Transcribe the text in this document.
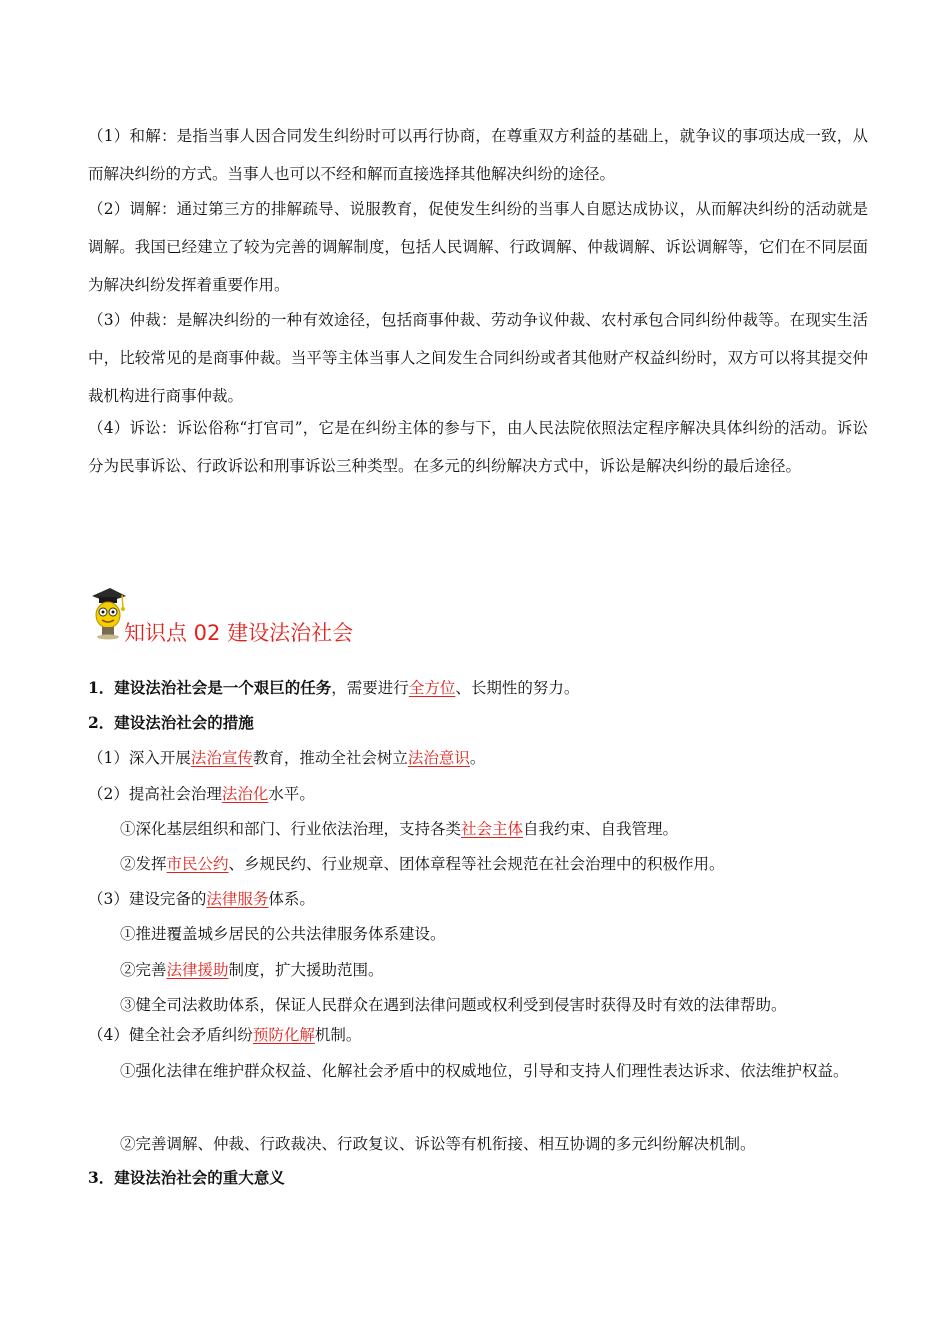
（1）和解：是指当事人因合同发生纠纷时可以再行协商，在尊重双方利益的基础上，就争议的事项达成一致，从而解决纠纷的方式。当事人也可以不经和解而直接选择其他解决纠纷的途径。
（2）调解：通过第三方的排解疏导、说服教育，促使发生纠纷的当事人自愿达成协议，从而解决纠纷的活动就是调解。我国已经建立了较为完善的调解制度，包括人民调解、行政调解、仲裁调解、诉讼调解等，它们在不同层面为解决纠纷发挥着重要作用。
（3）仲裁：是解决纠纷的一种有效途径，包括商事仲裁、劳动争议仲裁、农村承包合同纠纷仲裁等。在现实生活中，比较常见的是商事仲裁。当平等主体当事人之间发生合同纠纷或者其他财产权益纠纷时，双方可以将其提交仲裁机构进行商事仲裁。
（4）诉讼：诉讼俗称“打官司”，它是在纠纷主体的参与下，由人民法院依照法定程序解决具体纠纷的活动。诉讼分为民事诉讼、行政诉讼和刑事诉讼三种类型。在多元的纠纷解决方式中，诉讼是解决纠纷的最后途径。
知识点 02 建设法治社会
1．建设法治社会是一个艰巨的任务，需要进行全方位、长期性的努力。
2．建设法治社会的措施
（1）深入开展法治宣传教育，推动全社会树立法治意识。
（2）提高社会治理法治化水平。
①深化基层组织和部门、行业依法治理，支持各类社会主体自我约束、自我管理。
②发挥市民公约、乡规民约、行业规章、团体章程等社会规范在社会治理中的积极作用。
（3）建设完备的法律服务体系。
①推进覆盖城乡居民的公共法律服务体系建设。
②完善法律援助制度，扩大援助范围。
③健全司法救助体系，保证人民群众在遇到法律问题或权利受到侵害时获得及时有效的法律帮助。
（4）健全社会矛盾纠纷预防化解机制。
①强化法律在维护群众权益、化解社会矛盾中的权威地位，引导和支持人们理性表达诉求、依法维护权益。
②完善调解、仲裁、行政裁决、行政复议、诉讼等有机衔接、相互协调的多元纠纷解决机制。
3．建设法治社会的重大意义
